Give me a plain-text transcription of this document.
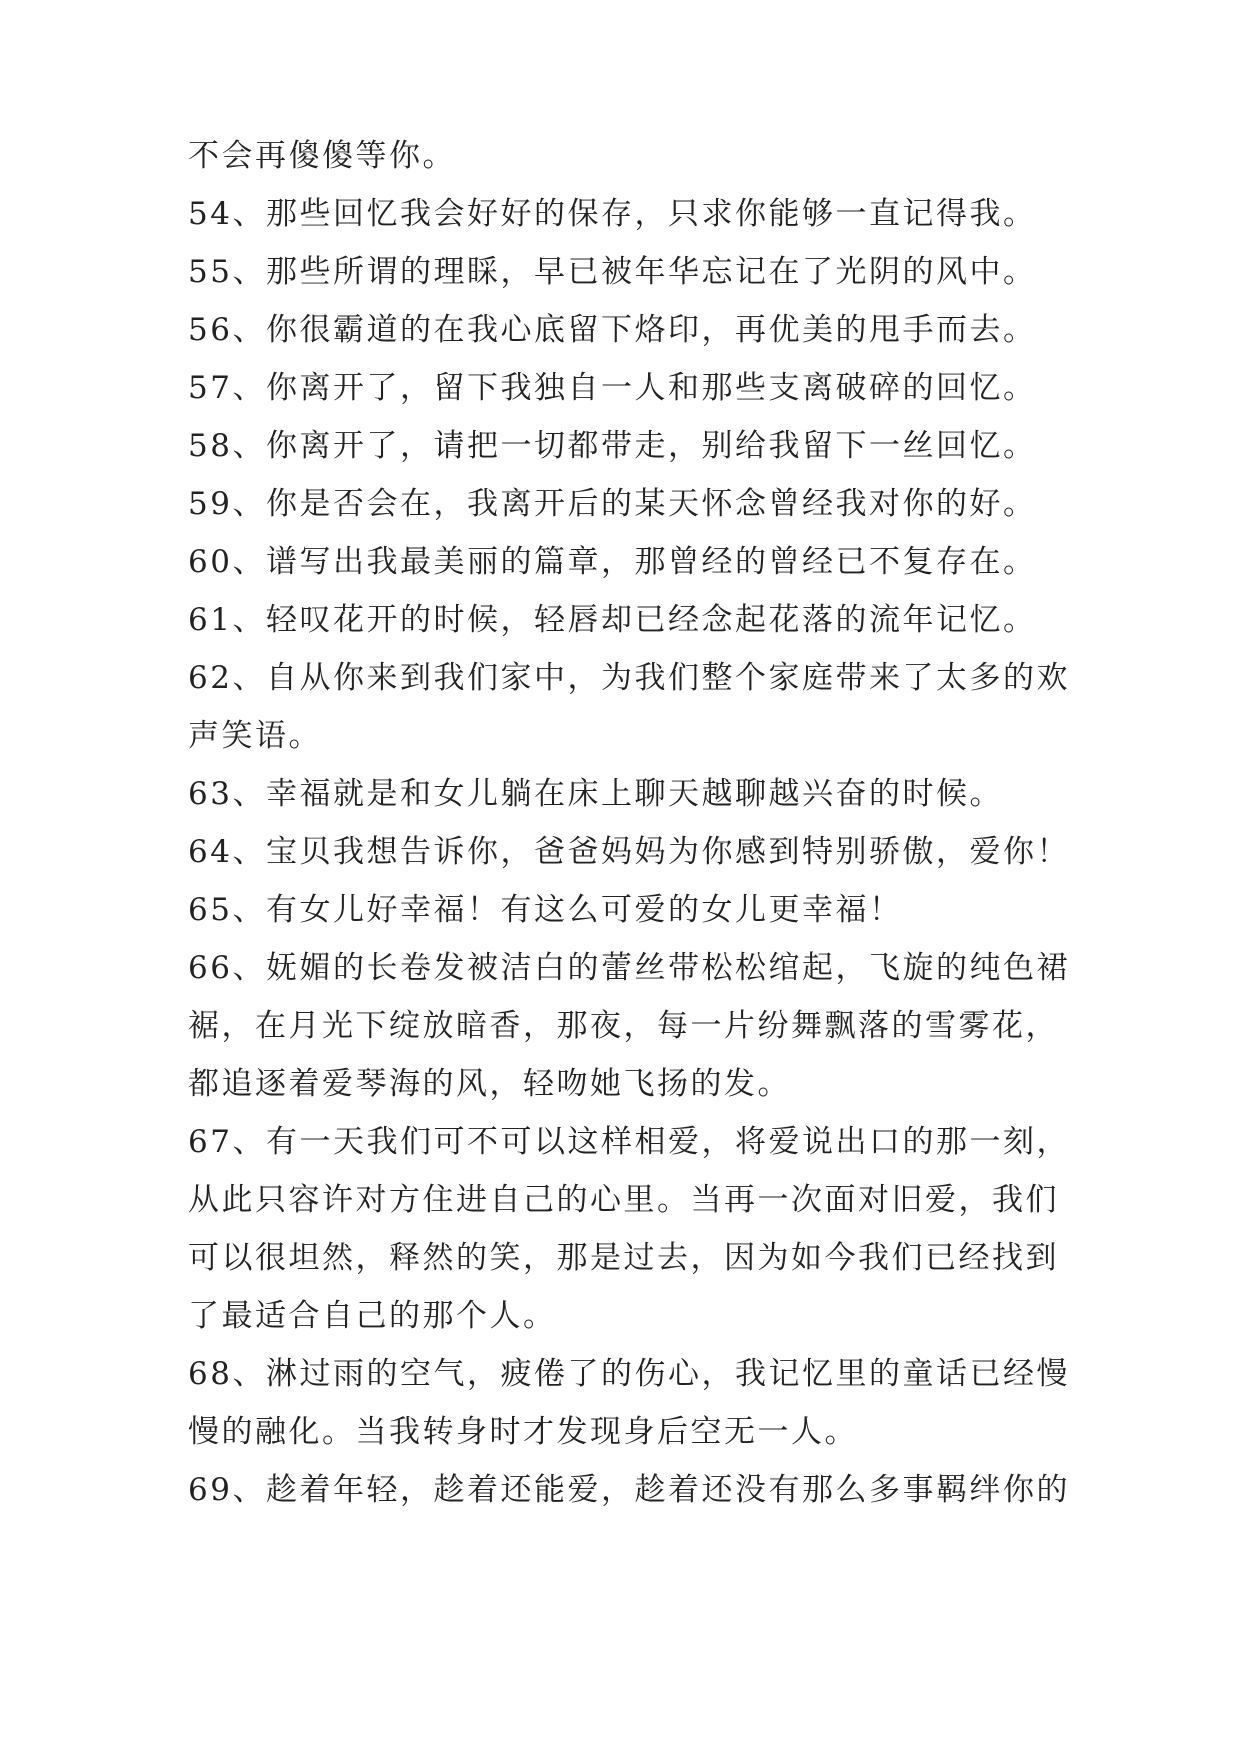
不会再傻傻等你。

54、那些回忆我会好好的保存，只求你能够一直记得我。

55、那些所谓的理睬，早已被年华忘记在了光阴的风中。

56、你很霸道的在我心底留下烙印，再优美的甩手而去。

57、你离开了，留下我独自一人和那些支离破碎的回忆。

58、你离开了，请把一切都带走，别给我留下一丝回忆。

59、你是否会在，我离开后的某天怀念曾经我对你的好。

60、谱写出我最美丽的篇章，那曾经的曾经已不复存在。

61、轻叹花开的时候，轻唇却已经念起花落的流年记忆。

62、自从你来到我们家中，为我们整个家庭带来了太多的欢

声笑语。

63、幸福就是和女儿躺在床上聊天越聊越兴奋的时候。

64、宝贝我想告诉你，爸爸妈妈为你感到特别骄傲，爱你！

65、有女儿好幸福！有这么可爱的女儿更幸福！

66、妩媚的长卷发被洁白的蕾丝带松松绾起，飞旋的纯色裙

裾，在月光下绽放暗香，那夜，每一片纷舞飘落的雪雾花，

都追逐着爱琴海的风，轻吻她飞扬的发。

67、有一天我们可不可以这样相爱，将爱说出口的那一刻，

从此只容许对方住进自己的心里。当再一次面对旧爱，我们

可以很坦然，释然的笑，那是过去，因为如今我们已经找到

了最适合自己的那个人。

68、淋过雨的空气，疲倦了的伤心，我记忆里的童话已经慢

慢的融化。当我转身时才发现身后空无一人。

69、趁着年轻，趁着还能爱，趁着还没有那么多事羁绊你的
